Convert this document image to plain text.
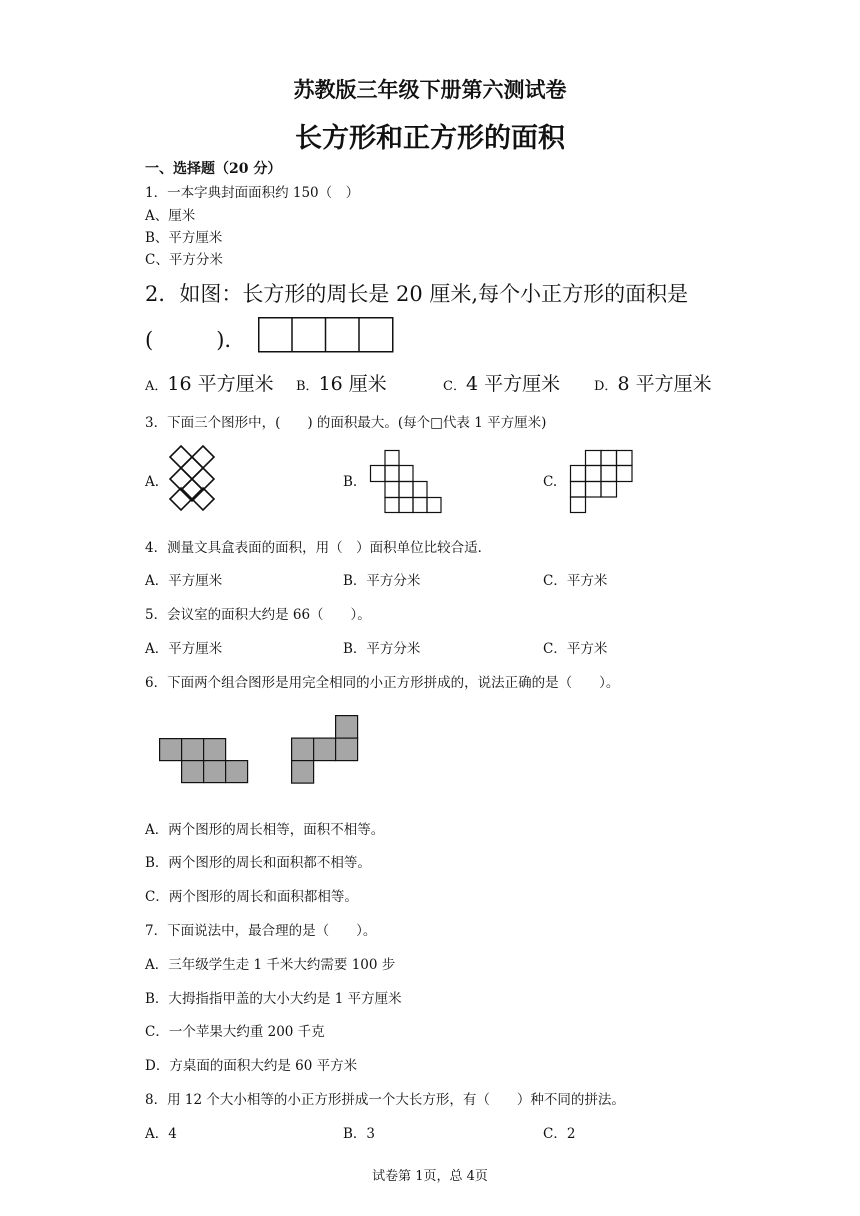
苏教版三年级下册第六测试卷
长方形和正方形的面积
一、选择题（20 分）
1．一本字典封面面积约 150（　）
A、厘米
B、平方厘米
C、平方分米
2．如图：长方形的周长是 20 厘米,每个小正方形的面积是
(　　　).
A．16 平方厘米 B．16 厘米	C．4 平方厘米	D．8 平方厘米
3．下面三个图形中，(　　) 的面积最大。(每个□代表 1 平方厘米)
A.	B.	C.
4．测量文具盒表面的面积，用（　）面积单位比较合适．
A．平方厘米	B．平方分米	C．平方米
5．会议室的面积大约是 66（　　）。
A．平方厘米	B．平方分米	C．平方米
6．下面两个组合图形是用完全相同的小正方形拼成的，说法正确的是（　　）。
A．两个图形的周长相等，面积不相等。
B．两个图形的周长和面积都不相等。
C．两个图形的周长和面积都相等。
7．下面说法中，最合理的是（　　）。
A．三年级学生走 1 千米大约需要 100 步
B．大拇指指甲盖的大小大约是 1 平方厘米
C．一个苹果大约重 200 千克
D．方桌面的面积大约是 60 平方米
8．用 12 个大小相等的小正方形拼成一个大长方形，有（　　）种不同的拼法。
A．4	B．3	C．2
试卷第 1页，总 4页
